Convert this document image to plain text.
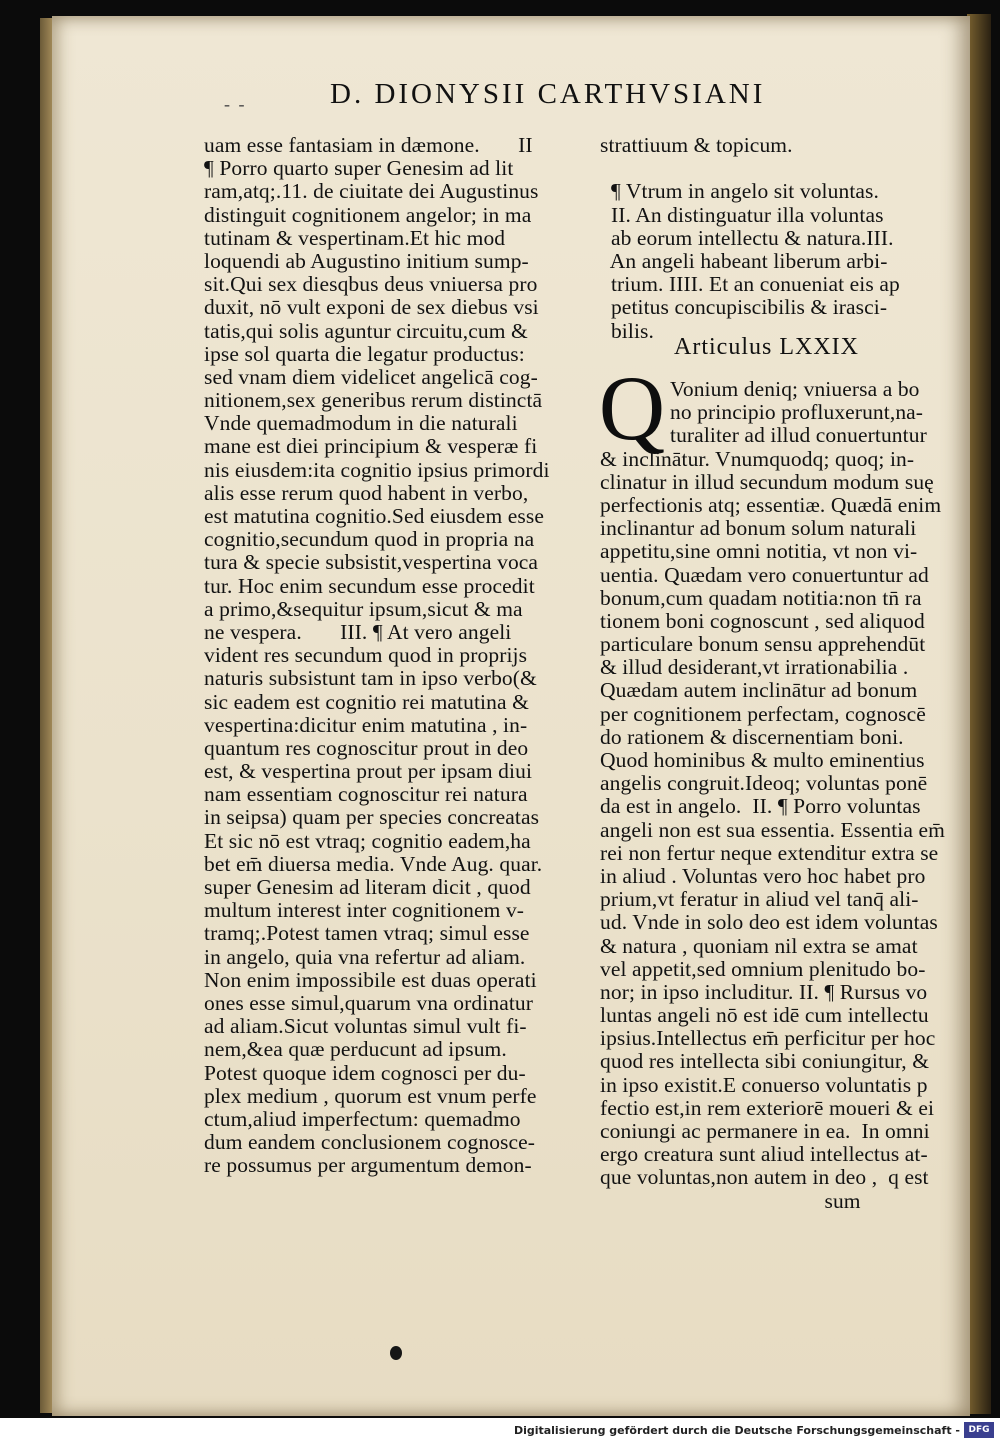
- -	D. DIONYSII CARTHVSIANI
uam esse fantasiam in dæmone.       II
¶ Porro quarto super Genesim ad lit
ram,atq;.11. de ciuitate dei Augustinus
distinguit cognitionem angelor; in ma
tutinam & vespertinam.Et hic mod
loquendi ab Augustino initium sump-
sit.Qui sex diesqbus deus vniuersa pro
duxit, nō vult exponi de sex diebus vsi
tatis,qui solis aguntur circuitu,cum &
ipse sol quarta die legatur productus:
sed vnam diem videlicet angelicā cog-
nitionem,sex generibus rerum distinctā
Vnde quemadmodum in die naturali
mane est diei principium & vesperæ fi
nis eiusdem:ita cognitio ipsius primordi
alis esse rerum quod habent in verbo,
est matutina cognitio.Sed eiusdem esse
cognitio,secundum quod in propria na
tura & specie subsistit,vespertina voca
tur. Hoc enim secundum esse procedit
a primo,&sequitur ipsum,sicut & ma
ne vespera.       III. ¶ At vero angeli
vident res secundum quod in proprijs
naturis subsistunt tam in ipso verbo(&
sic eadem est cognitio rei matutina &
vespertina:dicitur enim matutina , in-
quantum res cognoscitur prout in deo
est, & vespertina prout per ipsam diui
nam essentiam cognoscitur rei natura
in seipsa) quam per species concreatas
Et sic nō est vtraq; cognitio eadem,ha
bet em̄ diuersa media. Vnde Aug. quar.
super Genesim ad literam dicit , quod
multum interest inter cognitionem v-
tramq;.Potest tamen vtraq; simul esse
in angelo, quia vna refertur ad aliam.
Non enim impossibile est duas operati
ones esse simul,quarum vna ordinatur
ad aliam.Sicut voluntas simul vult fi-
nem,&ea quæ perducunt ad ipsum.
Potest quoque idem cognosci per du-
plex medium , quorum est vnum perfe
ctum,aliud imperfectum: quemadmo
dum eandem conclusionem cognosce-
re possumus per argumentum demon-
strattiuum & topicum.
¶ Vtrum in angelo sit voluntas.
II. An distinguatur illa voluntas
ab eorum intellectu & natura.III.
An angeli habeant liberum arbi-
trium. IIII. Et an conueniat eis ap
petitus concupiscibilis & irasci-
bilis.
Articulus LXXIX
Q Vonium deniq; vniuersa a bo
no principio profluxerunt,na-
turaliter ad illud conuertuntur
& inclinātur. Vnumquodq; quoq; in-
clinatur in illud secundum modum suę
perfectionis atq; essentiæ. Quædā enim
inclinantur ad bonum solum naturali
appetitu,sine omni notitia, vt non vi-
uentia. Quædam vero conuertuntur ad
bonum,cum quadam notitia:non tn̄ ra
tionem boni cognoscunt , sed aliquod
particulare bonum sensu apprehendūt
& illud desiderant,vt irrationabilia .
Quædam autem inclinātur ad bonum
per cognitionem perfectam, cognoscē
do rationem & discernentiam boni.
Quod hominibus & multo eminentius
angelis congruit.Ideoq; voluntas ponē
da est in angelo.  II. ¶ Porro voluntas
angeli non est sua essentia. Essentia em̄
rei non fertur neque extenditur extra se
in aliud . Voluntas vero hoc habet pro
prium,vt feratur in aliud vel tanq̄ ali-
ud. Vnde in solo deo est idem voluntas
& natura , quoniam nil extra se amat
vel appetit,sed omnium plenitudo bo-
nor; in ipso includitur. II. ¶ Rursus vo
luntas angeli nō est idē cum intellectu
ipsius.Intellectus em̄ perficitur per hoc
quod res intellecta sibi coniungitur, &
in ipso existit.E conuerso voluntatis p
fectio est,in rem exteriorē moueri & ei
coniungi ac permanere in ea.  In omni
ergo creatura sunt aliud intellectus at-
que voluntas,non autem in deo ,  q est
sum
Digitalisierung gefördert durch die Deutsche Forschungsgemeinschaft - DFG
